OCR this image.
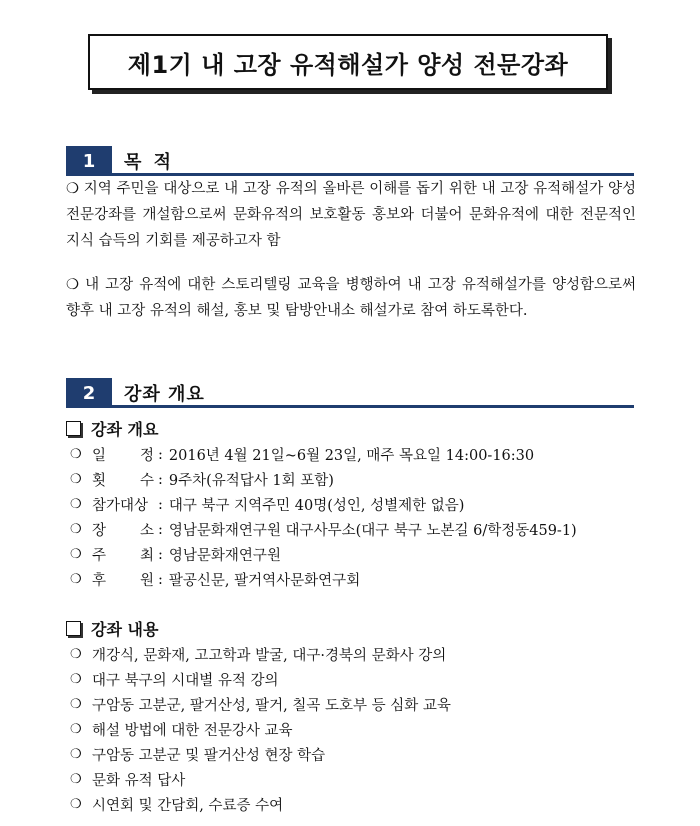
제1기 내 고장 유적해설가 양성 전문강좌
1	목 적

❍ 지역 주민을 대상으로 내 고장 유적의 올바른 이해를 돕기 위한 내 고장 유적해설가 양성 전문강좌를 개설함으로써 문화유적의 보호활동 홍보와 더불어 문화유적에 대한 전문적인 지식 습득의 기회를 제공하고자 함

❍ 내 고장 유적에 대한 스토리텔링 교육을 병행하여 내 고장 유적해설가를 양성함으로써 향후 내 고장 유적의 해설, 홍보 및 탐방안내소 해설가로 참여 하도록한다.

2	강좌 개요
강좌 개요
❍ 일 정 : 2016년 4월 21일~6월 23일, 매주 목요일 14:00-16:30
❍ 횟 수 : 9주차(유적답사 1회 포함)
❍ 참가대상 : 대구 북구 지역주민 40명(성인, 성별제한 없음)
❍ 장 소 : 영남문화재연구원 대구사무소(대구 북구 노본길 6/학정동459-1)
❍ 주 최 : 영남문화재연구원
❍ 후 원 : 팔공신문, 팔거역사문화연구회
강좌 내용
❍ 개강식, 문화재, 고고학과 발굴, 대구·경북의 문화사 강의
❍ 대구 북구의 시대별 유적 강의
❍ 구암동 고분군, 팔거산성, 팔거, 칠곡 도호부 등 심화 교육
❍ 해설 방법에 대한 전문강사 교육
❍ 구암동 고분군 및 팔거산성 현장 학습
❍ 문화 유적 답사
❍ 시연회 및 간담회, 수료증 수여
